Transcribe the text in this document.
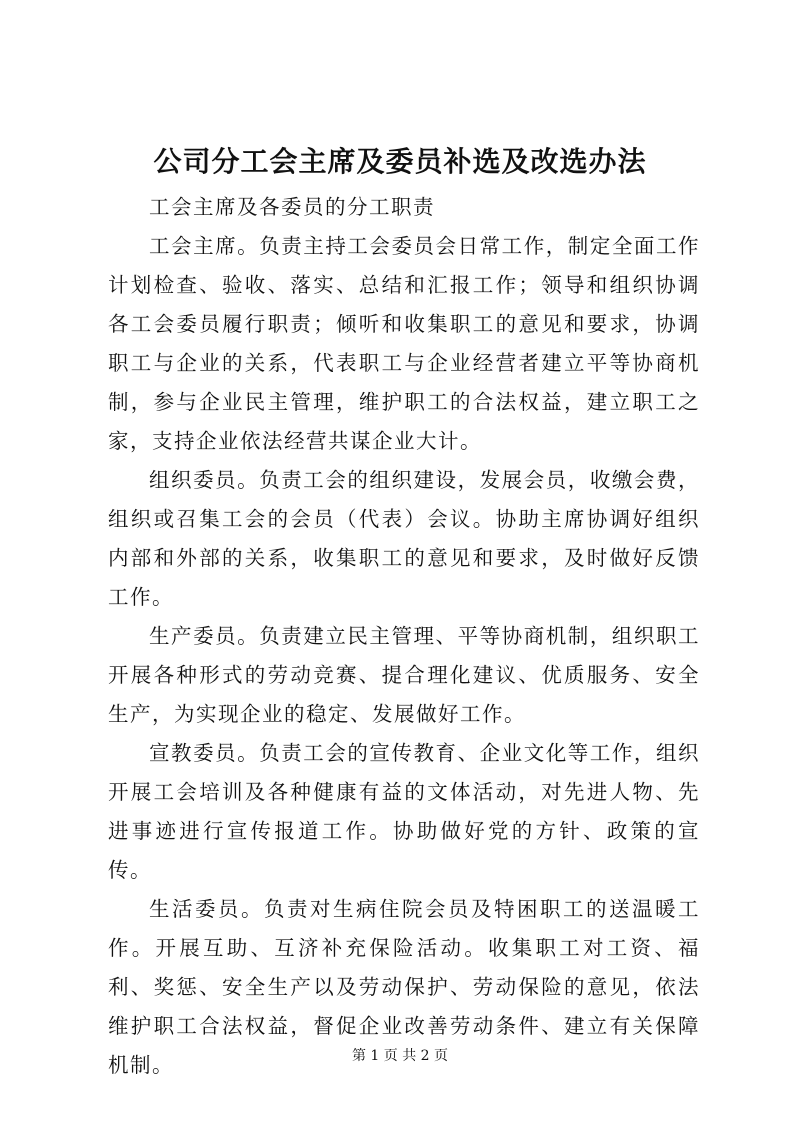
公司分工会主席及委员补选及改选办法

工会主席及各委员的分工职责

工会主席。负责主持工会委员会日常工作，制定全面工作计划检查、验收、落实、总结和汇报工作；领导和组织协调各工会委员履行职责；倾听和收集职工的意见和要求，协调职工与企业的关系，代表职工与企业经营者建立平等协商机制，参与企业民主管理，维护职工的合法权益，建立职工之家，支持企业依法经营共谋企业大计。

组织委员。负责工会的组织建设，发展会员，收缴会费，组织或召集工会的会员（代表）会议。协助主席协调好组织内部和外部的关系，收集职工的意见和要求，及时做好反馈工作。

生产委员。负责建立民主管理、平等协商机制，组织职工开展各种形式的劳动竞赛、提合理化建议、优质服务、安全生产，为实现企业的稳定、发展做好工作。

宣教委员。负责工会的宣传教育、企业文化等工作，组织开展工会培训及各种健康有益的文体活动，对先进人物、先进事迹进行宣传报道工作。协助做好党的方针、政策的宣传。

生活委员。负责对生病住院会员及特困职工的送温暖工作。开展互助、互济补充保险活动。收集职工对工资、福利、奖惩、安全生产以及劳动保护、劳动保险的意见，依法维护职工合法权益，督促企业改善劳动条件、建立有关保障机制。	第 1 页 共 2 页
